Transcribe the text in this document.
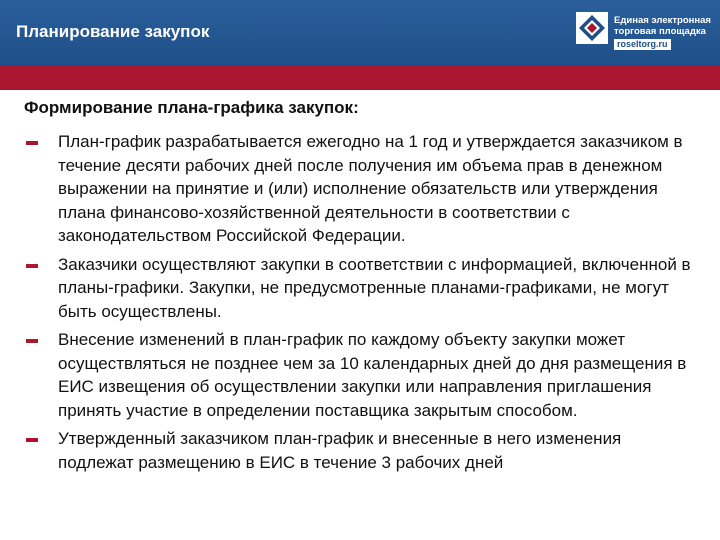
Планирование закупок
Единая электронная
торговая площадка
roseltorg.ru
Формирование плана-графика закупок:
План-график разрабатывается ежегодно на 1 год и утверждается заказчиком в течение десяти рабочих дней после получения им объема прав в денежном выражении на принятие и (или) исполнение обязательств или утверждения плана финансово-хозяйственной деятельности в соответствии с законодательством Российской Федерации.
Заказчики осуществляют закупки в соответствии с информацией, включенной в планы-графики. Закупки, не предусмотренные планами-графиками, не могут быть осуществлены.
Внесение изменений в план-график по каждому объекту закупки может осуществляться не позднее чем за 10 календарных дней до дня размещения в ЕИС извещения об осуществлении закупки или направления приглашения принять участие в определении поставщика закрытым способом.
Утвержденный заказчиком план-график и внесенные в него изменения подлежат размещению в ЕИС в течение 3 рабочих дней
